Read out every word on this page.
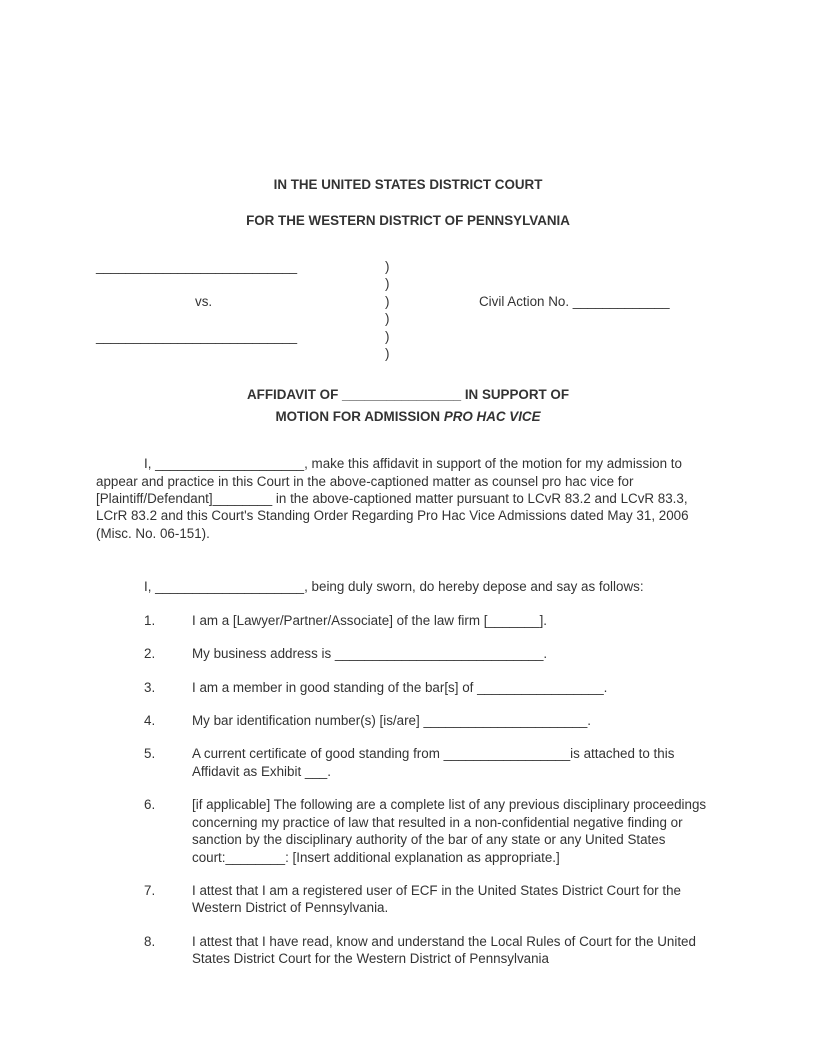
IN THE UNITED STATES DISTRICT COURT
FOR THE WESTERN DISTRICT OF PENNSYLVANIA
___________________________	)
)
vs.	)	Civil Action No. _____________
)
___________________________	)
)
AFFIDAVIT OF ________________ IN SUPPORT OF
MOTION FOR ADMISSION PRO HAC VICE

I, ____________________, make this affidavit in support of the motion for my admission to appear and practice in this Court in the above-captioned matter as counsel pro hac vice for [Plaintiff/Defendant]________ in the above-captioned matter pursuant to LCvR 83.2 and LCvR 83.3, LCrR 83.2 and this Court's Standing Order Regarding Pro Hac Vice Admissions dated May 31, 2006 (Misc. No. 06-151).

I, ____________________, being duly sworn, do hereby depose and say as follows:

1.	I am a [Lawyer/Partner/Associate] of the law firm [_______].
2.	My business address is ____________________________.
3.	I am a member in good standing of the bar[s] of _________________.
4.	My bar identification number(s) [is/are] ______________________.
5.	A current certificate of good standing from _________________is attached to this Affidavit as Exhibit ___.
6.	[if applicable] The following are a complete list of any previous disciplinary proceedings concerning my practice of law that resulted in a non-confidential negative finding or sanction by the disciplinary authority of the bar of any state or any United States court:________: [Insert additional explanation as appropriate.]
7.	I attest that I am a registered user of ECF in the United States District Court for the Western District of Pennsylvania.
8.	I attest that I have read, know and understand the Local Rules of Court for the United States District Court for the Western District of Pennsylvania
